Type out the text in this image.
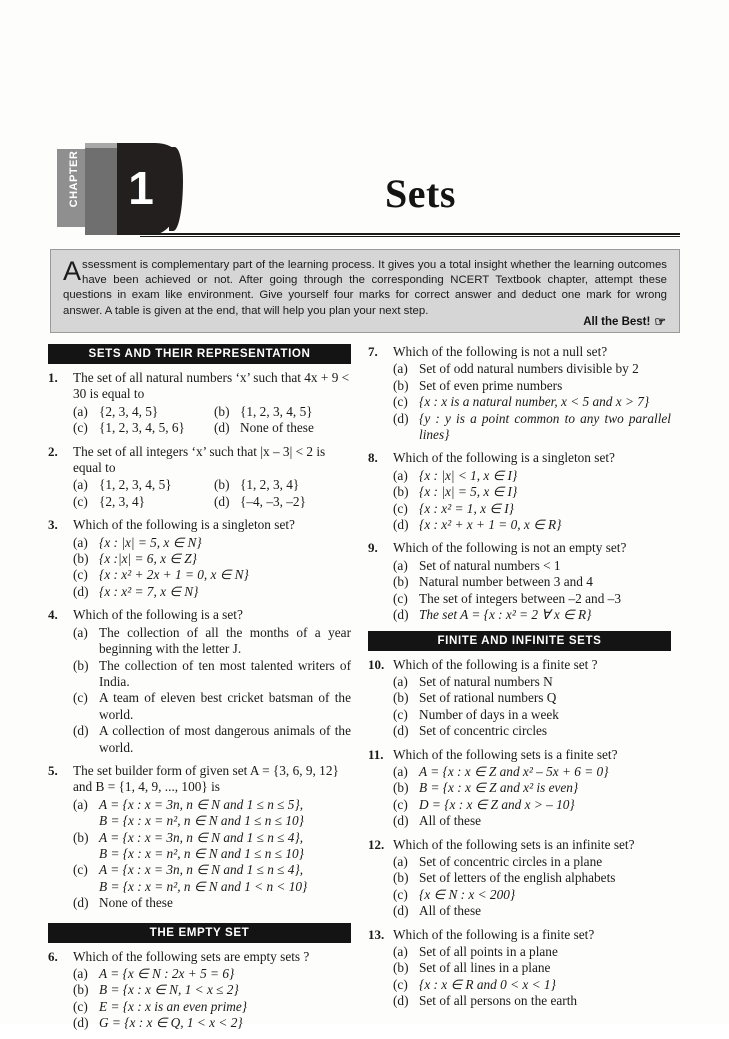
CHAPTER 1	Sets

Assessment is complementary part of the learning process. It gives you a total insight whether the learning outcomes have been achieved or not. After going through the corresponding NCERT Textbook chapter, attempt these questions in exam like environment. Give yourself four marks for correct answer and deduct one mark for wrong answer. A table is given at the end, that will help you plan your next step.

All the Best! ☞
SETS AND THEIR REPRESENTATION
1.	The set of all natural numbers ‘x’ such that 4x + 9 < 30 is equal to
(a) {2, 3, 4, 5}	(b) {1, 2, 3, 4, 5}
(c) {1, 2, 3, 4, 5, 6}	(d) None of these
2.	The set of all integers ‘x’ such that |x – 3| < 2 is equal to
(a) {1, 2, 3, 4, 5}	(b) {1, 2, 3, 4}
(c) {2, 3, 4}	(d) {–4, –3, –2}
3.	Which of the following is a singleton set?
(a) {x : |x| = 5, x ∈ N}
(b) {x :|x| = 6, x ∈ Z}
(c) {x : x² + 2x + 1 = 0, x ∈ N}
(d) {x : x² = 7, x ∈ N}
4.	Which of the following is a set?
(a) The collection of all the months of a year beginning with the letter J.
(b) The collection of ten most talented writers of India.
(c) A team of eleven best cricket batsman of the world.
(d) A collection of most dangerous animals of the world.
5.	The set builder form of given set A = {3, 6, 9, 12} and B = {1, 4, 9, ..., 100} is
(a) A = {x : x = 3n, n ∈ N and 1 ≤ n ≤ 5},
B = {x : x = n², n ∈ N and 1 ≤ n ≤ 10}
(b) A = {x : x = 3n, n ∈ N and 1 ≤ n ≤ 4},
B = {x : x = n², n ∈ N and 1 ≤ n ≤ 10}
(c) A = {x : x = 3n, n ∈ N and 1 ≤ n ≤ 4},
B = {x : x = n², n ∈ N and 1 < n < 10}
(d) None of these
THE EMPTY SET
6.	Which of the following sets are empty sets ?
(a) A = {x ∈ N : 2x + 5 = 6}
(b) B = {x : x ∈ N, 1 < x ≤ 2}
(c) E = {x : x is an even prime}
(d) G = {x : x ∈ Q, 1 < x < 2}
7.	Which of the following is not a null set?
(a) Set of odd natural numbers divisible by 2
(b) Set of even prime numbers
(c) {x : x is a natural number, x < 5 and x > 7}
(d) {y : y is a point common to any two parallel lines}
8.	Which of the following is a singleton set?
(a) {x : |x| < 1, x ∈ I}
(b) {x : |x| = 5, x ∈ I}
(c) {x : x² = 1, x ∈ I}
(d) {x : x² + x + 1 = 0, x ∈ R}
9.	Which of the following is not an empty set?
(a) Set of natural numbers < 1
(b) Natural number between 3 and 4
(c) The set of integers between –2 and –3
(d) The set A = {x : x² = 2 ∀ x ∈ R}
FINITE AND INFINITE SETS
10. Which of the following is a finite set ?
(a) Set of natural numbers N
(b) Set of rational numbers Q
(c) Number of days in a week
(d) Set of concentric circles
11. Which of the following sets is a finite set?
(a) A = {x : x ∈ Z and x² – 5x + 6 = 0}
(b) B = {x : x ∈ Z and x² is even}
(c) D = {x : x ∈ Z and x > – 10}
(d) All of these
12. Which of the following sets is an infinite set?
(a) Set of concentric circles in a plane
(b) Set of letters of the english alphabets
(c) {x ∈ N : x < 200}
(d) All of these
13. Which of the following is a finite set?
(a) Set of all points in a plane
(b) Set of all lines in a plane
(c) {x : x ∈ R and 0 < x < 1}
(d) Set of all persons on the earth
